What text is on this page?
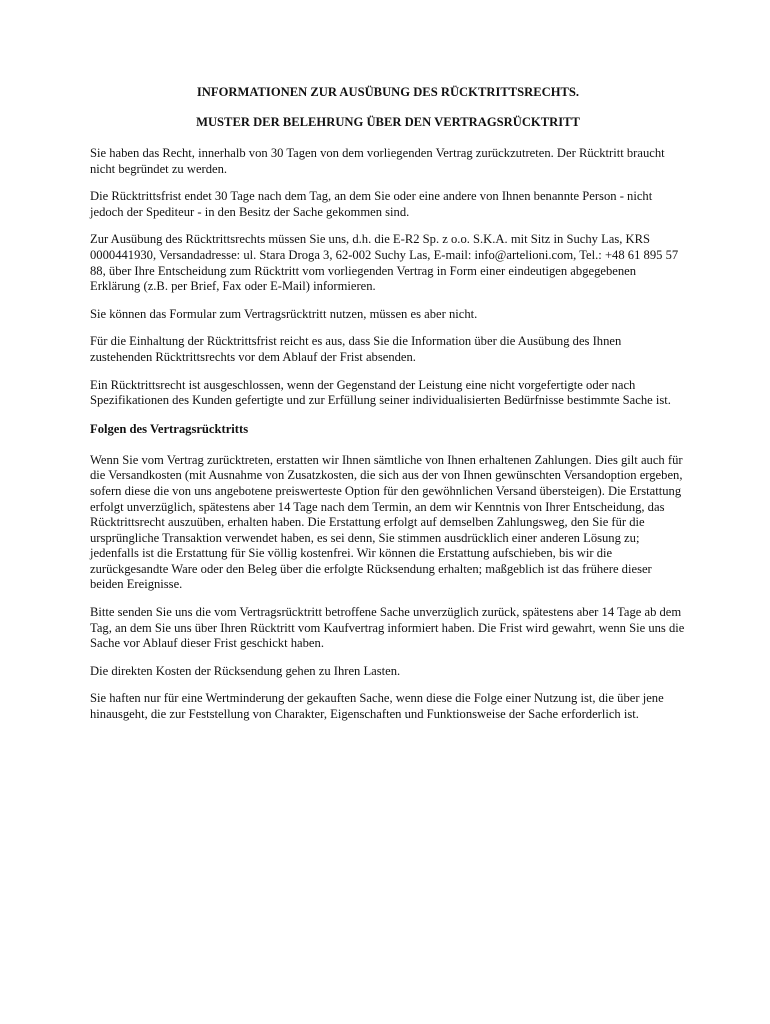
INFORMATIONEN ZUR AUSÜBUNG DES RÜCKTRITTSRECHTS.

MUSTER DER BELEHRUNG ÜBER DEN VERTRAGSRÜCKTRITT

Sie haben das Recht, innerhalb von 30 Tagen von dem vorliegenden Vertrag zurückzutreten. Der Rücktritt braucht nicht begründet zu werden.

Die Rücktrittsfrist endet 30 Tage nach dem Tag, an dem Sie oder eine andere von Ihnen benannte Person - nicht jedoch der Spediteur - in den Besitz der Sache gekommen sind.

Zur Ausübung des Rücktrittsrechts müssen Sie uns, d.h. die E-R2 Sp. z o.o. S.K.A. mit Sitz in Suchy Las, KRS 0000441930, Versandadresse: ul. Stara Droga 3, 62-002 Suchy Las, E-mail: info@artelioni.com, Tel.: +48 61 895 57 88, über Ihre Entscheidung zum Rücktritt vom vorliegenden Vertrag in Form einer eindeutigen abgegebenen Erklärung (z.B. per Brief, Fax oder E-Mail) informieren.

Sie können das Formular zum Vertragsrücktritt nutzen, müssen es aber nicht.

Für die Einhaltung der Rücktrittsfrist reicht es aus, dass Sie die Information über die Ausübung des Ihnen zustehenden Rücktrittsrechts vor dem Ablauf der Frist absenden.

Ein Rücktrittsrecht ist ausgeschlossen, wenn der Gegenstand der Leistung eine nicht vorgefertigte oder nach Spezifikationen des Kunden gefertigte und zur Erfüllung seiner individualisierten Bedürfnisse bestimmte Sache ist.

Folgen des Vertragsrücktritts

Wenn Sie vom Vertrag zurücktreten, erstatten wir Ihnen sämtliche von Ihnen erhaltenen Zahlungen. Dies gilt auch für die Versandkosten (mit Ausnahme von Zusatzkosten, die sich aus der von Ihnen gewünschten Versandoption ergeben, sofern diese die von uns angebotene preiswerteste Option für den gewöhnlichen Versand übersteigen). Die Erstattung erfolgt unverzüglich, spätestens aber 14 Tage nach dem Termin, an dem wir Kenntnis von Ihrer Entscheidung, das Rücktrittsrecht auszuüben, erhalten haben. Die Erstattung erfolgt auf demselben Zahlungsweg, den Sie für die ursprüngliche Transaktion verwendet haben, es sei denn, Sie stimmen ausdrücklich einer anderen Lösung zu; jedenfalls ist die Erstattung für Sie völlig kostenfrei. Wir können die Erstattung aufschieben, bis wir die zurückgesandte Ware oder den Beleg über die erfolgte Rücksendung erhalten; maßgeblich ist das frühere dieser beiden Ereignisse.

Bitte senden Sie uns die vom Vertragsrücktritt betroffene Sache unverzüglich zurück, spätestens aber 14 Tage ab dem Tag, an dem Sie uns über Ihren Rücktritt vom Kaufvertrag informiert haben. Die Frist wird gewahrt, wenn Sie uns die Sache vor Ablauf dieser Frist geschickt haben.

Die direkten Kosten der Rücksendung gehen zu Ihren Lasten.

Sie haften nur für eine Wertminderung der gekauften Sache, wenn diese die Folge einer Nutzung ist, die über jene hinausgeht, die zur Feststellung von Charakter, Eigenschaften und Funktionsweise der Sache erforderlich ist.
